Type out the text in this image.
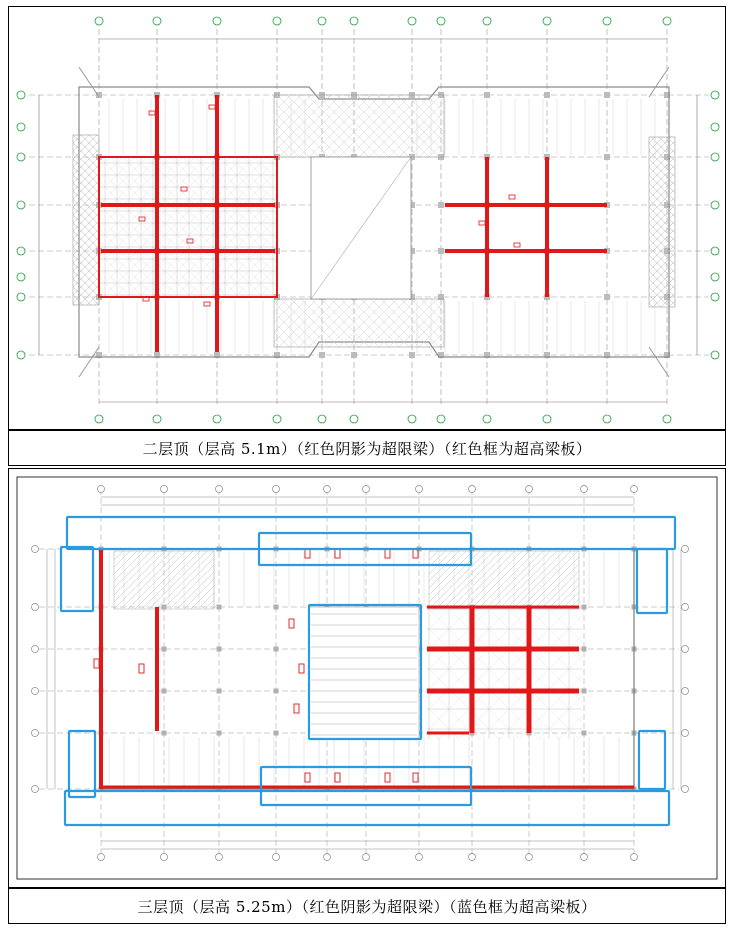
二层顶（层高 5.1m）（红色阴影为超限梁）（红色框为超高梁板）
三层顶（层高 5.25m）（红色阴影为超限梁）（蓝色框为超高梁板）
